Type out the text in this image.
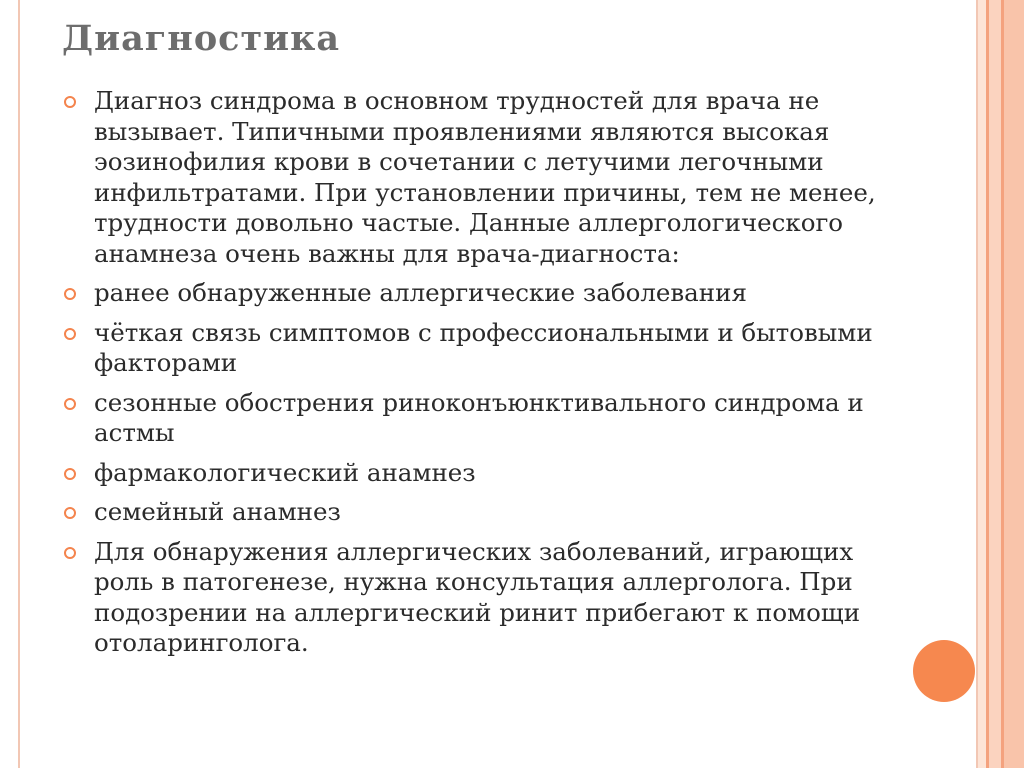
Диагностика
Диагноз синдрома в основном трудностей для врача не вызывает. Типичными проявлениями являются высокая эозинофилия крови в сочетании с летучими легочными инфильтратами. При установлении причины, тем не менее, трудности довольно частые. Данные аллергологического анамнеза очень важны для врача-диагноста:
ранее обнаруженные аллергические заболевания
чёткая связь симптомов с профессиональными и бытовыми факторами
сезонные обострения риноконъюнктивального синдрома и астмы
фармакологический анамнез
семейный анамнез
Для обнаружения аллергических заболеваний, играющих роль в патогенезе, нужна консультация аллерголога. При подозрении на аллергический ринит прибегают к помощи отоларинголога.
